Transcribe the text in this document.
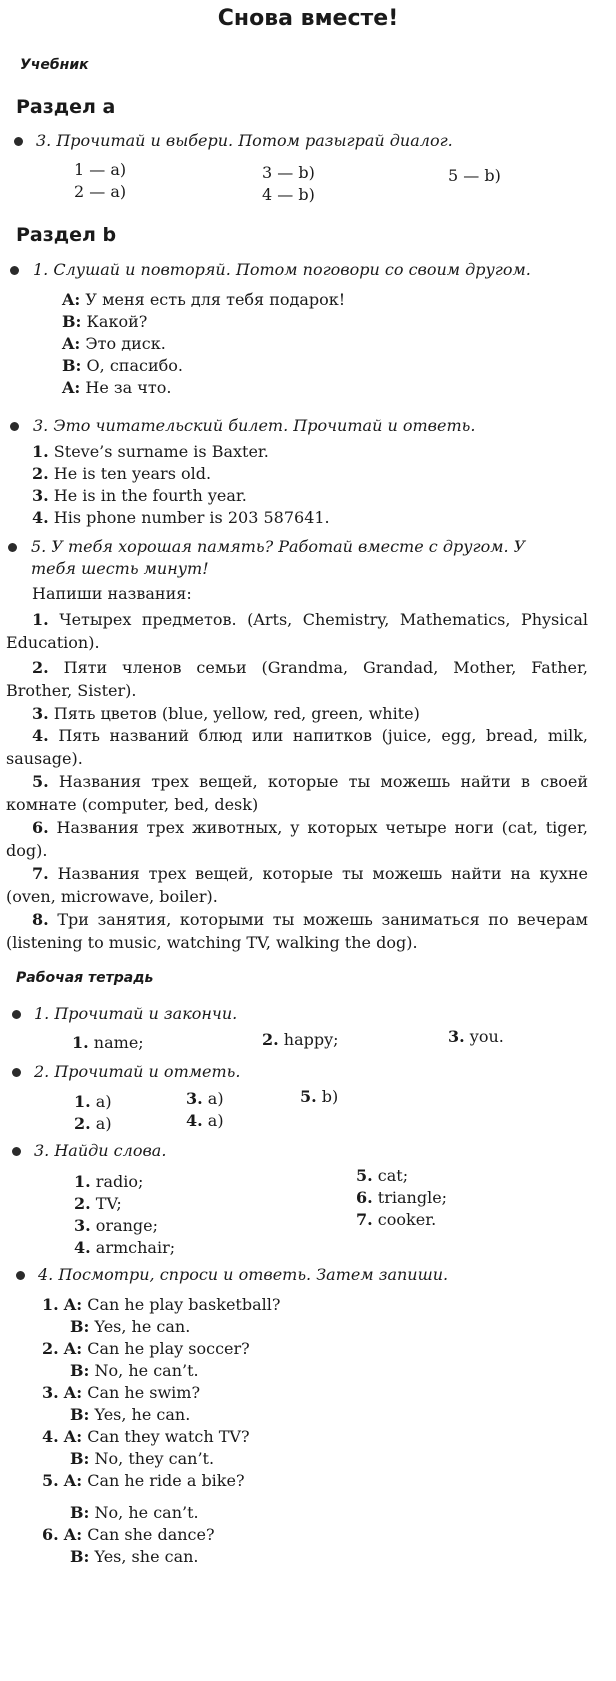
Снова вместе!
Учебник
Раздел а
3. Прочитай и выбери. Потом разыграй диалог.
1 — a)
2 — a)
3 — b)
4 — b)
5 — b)
Раздел b
1. Слушай и повторяй. Потом поговори со своим другом.
A: У меня есть для тебя подарок!
B: Какой?
A: Это диск.
B: О, спасибо.
A: Не за что.
3. Это читательский билет. Прочитай и ответь.
1. Steve’s surname is Baxter.
2. He is ten years old.
3. He is in the fourth year.
4. His phone number is 203 587641.
5. У тебя хорошая память? Работай вместе с другом. У
тебя шесть минут!
Напиши названия:
1. Четырех предметов. (Arts, Chemistry, Mathematics, Physical Education).
2. Пяти членов семьи (Grandma, Grandad, Mother, Father, Brother, Sister).
3. Пять цветов (blue, yellow, red, green, white)
4. Пять названий блюд или напитков (juice, egg, bread, milk, sausage).
5. Названия трех вещей, которые ты можешь найти в своей комнате (computer, bed, desk)
6. Названия трех животных, у которых четыре ноги (cat, tiger, dog).
7. Названия трех вещей, которые ты можешь найти на кухне (oven, microwave, boiler).
8. Три занятия, которыми ты можешь заниматься по вечерам (listening to music, watching TV, walking the dog).
Рабочая тетрадь
1. Прочитай и закончи.
1. name;	2. happy;	3. you.
2. Прочитай и отметь.
1. a)
2. a)
3. a)
4. a)
5. b)
3. Найди слова.
1. radio;
2. TV;
3. orange;
4. armchair;
5. cat;
6. triangle;
7. cooker.
4. Посмотри, спроси и ответь. Затем запиши.
1. A: Can he play basketball?
B: Yes, he can.
2. A: Can he play soccer?
B: No, he can’t.
3. A: Can he swim?
B: Yes, he can.
4. A: Can they watch TV?
B: No, they can’t.
5. A: Can he ride a bike?
B: No, he can’t.
6. A: Can she dance?
B: Yes, she can.
